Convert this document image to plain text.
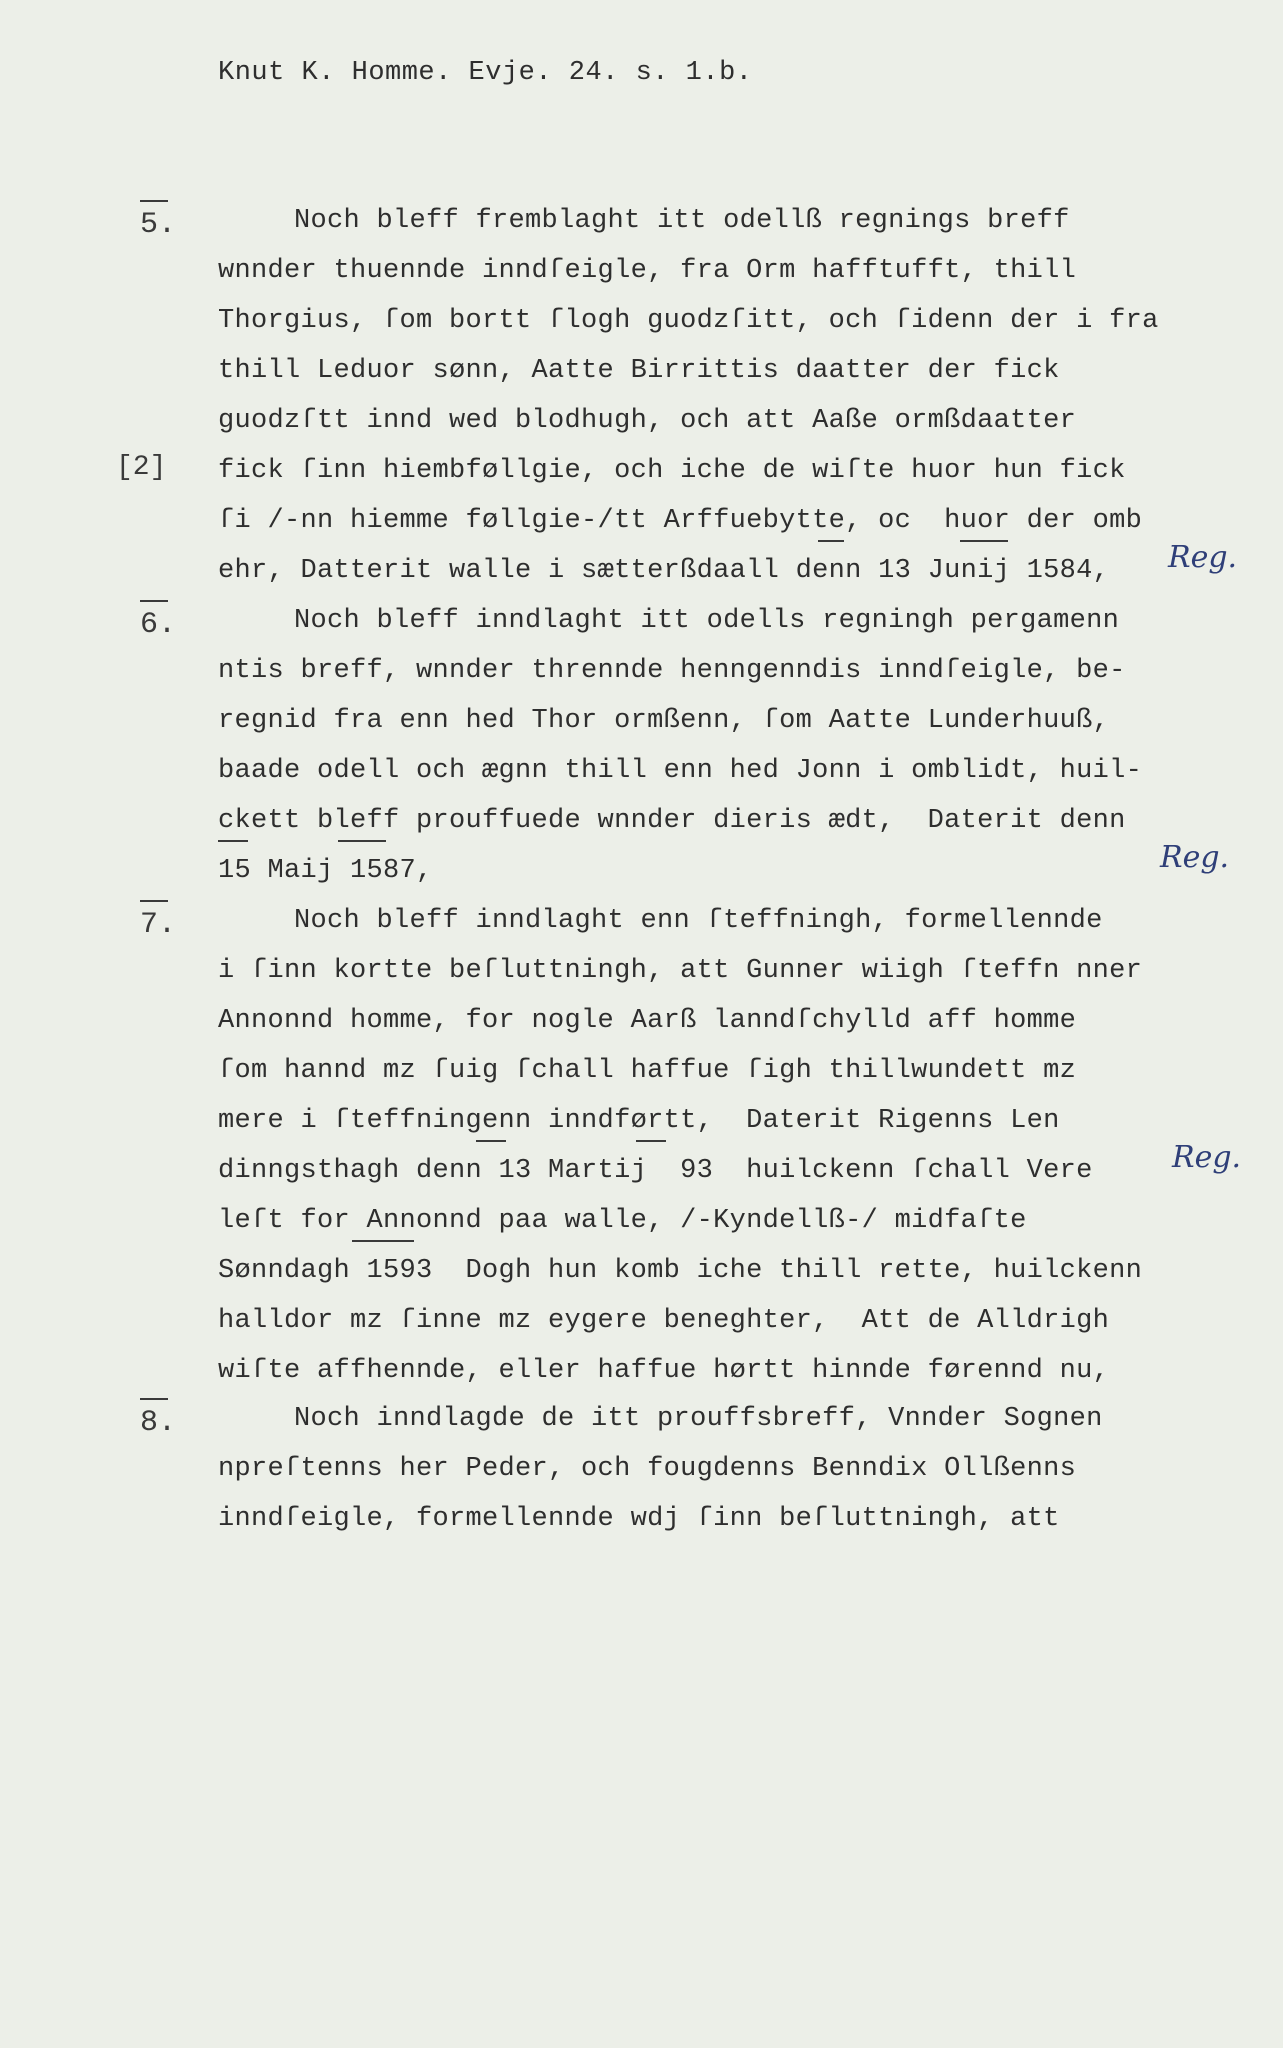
Knut K. Homme. Evje. 24. s. 1.b.
[2]
5.	Noch bleff fremblaght itt odellß regnings breff
wnnder thuennde inndſeigle, fra Orm hafftufft, thill
Thorgius, ſom bortt ſlogh guodzſitt, och ſidenn der i fra
thill Leduor sønn, Aatte Birrittis daatter der fick
guodzſtt innd wed blodhugh, och att Aaße ormßdaatter
fick ſinn hiembføllgie, och iche de wiſte huor hun fick
ſi /-nn hiemme føllgie-/tt Arffuebytte, oc  huor der omb
ehr, Datterit walle i sætterßdaall denn 13 Junij 1584,
6.	Noch bleff inndlaght itt odells regningh pergamenn
ntis breff, wnnder thrennde henngenndis inndſeigle, be-
regnid fra enn hed Thor ormßenn, ſom Aatte Lunderhuuß,
baade odell och ægnn thill enn hed Jonn i omblidt, huil-
ckett bleff prouffuede wnnder dieris ædt,  Daterit denn
15 Maij 1587,
7.	Noch bleff inndlaght enn ſteffningh, formellennde
i ſinn kortte beſluttningh, att Gunner wiigh ſteffn nner
Annonnd homme, for nogle Aarß lanndſchylld aff homme
ſom hannd mz ſuig ſchall haffue ſigh thillwundett mz
mere i ſteffningenn inndførtt,  Daterit Rigenns Len
dinngsthagh denn 13 Martij  93  huilckenn ſchall Vere
leſt for Annonnd paa walle, /-Kyndellß-/ midfaſte
Sønndagh 1593  Dogh hun komb iche thill rette, huilckenn
halldor mz ſinne mz eygere beneghter,  Att de Alldrigh
wiſte affhennde, eller haffue hørtt hinnde førennd nu,
8.	Noch inndlagde de itt prouffsbreff, Vnnder Sognen
npreſtenns her Peder, och fougdenns Benndix Ollßenns
inndſeigle, formellennde wdj ſinn beſluttningh, att
Reg.
Reg.
Reg.
